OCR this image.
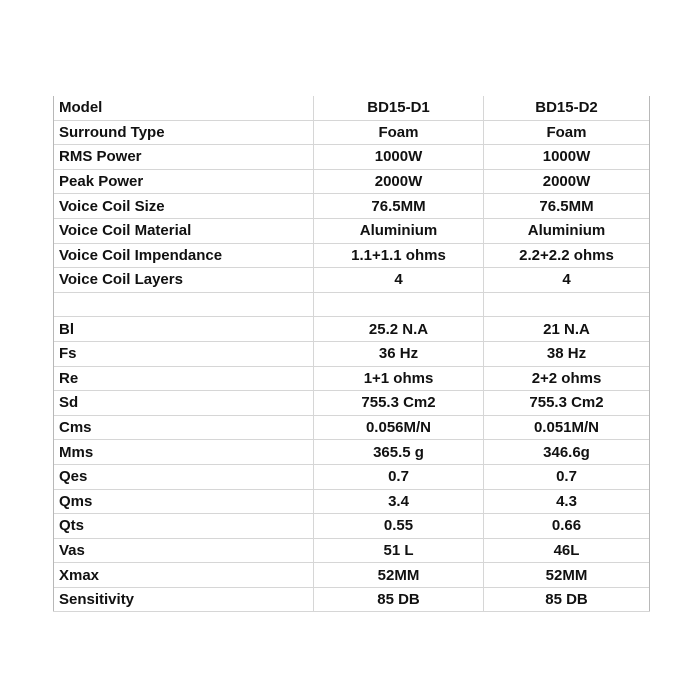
Model	BD15-D1	BD15-D2
Surround Type	Foam	Foam
RMS Power	1000W	1000W
Peak Power	2000W	2000W
Voice Coil Size	76.5MM	76.5MM
Voice Coil Material	Aluminium	Aluminium
Voice Coil Impendance	1.1+1.1 ohms	2.2+2.2 ohms
Voice Coil Layers	4	4

Bl	25.2 N.A	21 N.A
Fs	36 Hz	38 Hz
Re	1+1 ohms	2+2 ohms
Sd	755.3 Cm2	755.3 Cm2
Cms	0.056M/N	0.051M/N
Mms	365.5 g	346.6g
Qes	0.7	0.7
Qms	3.4	4.3
Qts	0.55	0.66
Vas	51 L	46L
Xmax	52MM	52MM
Sensitivity	85 DB	85 DB
